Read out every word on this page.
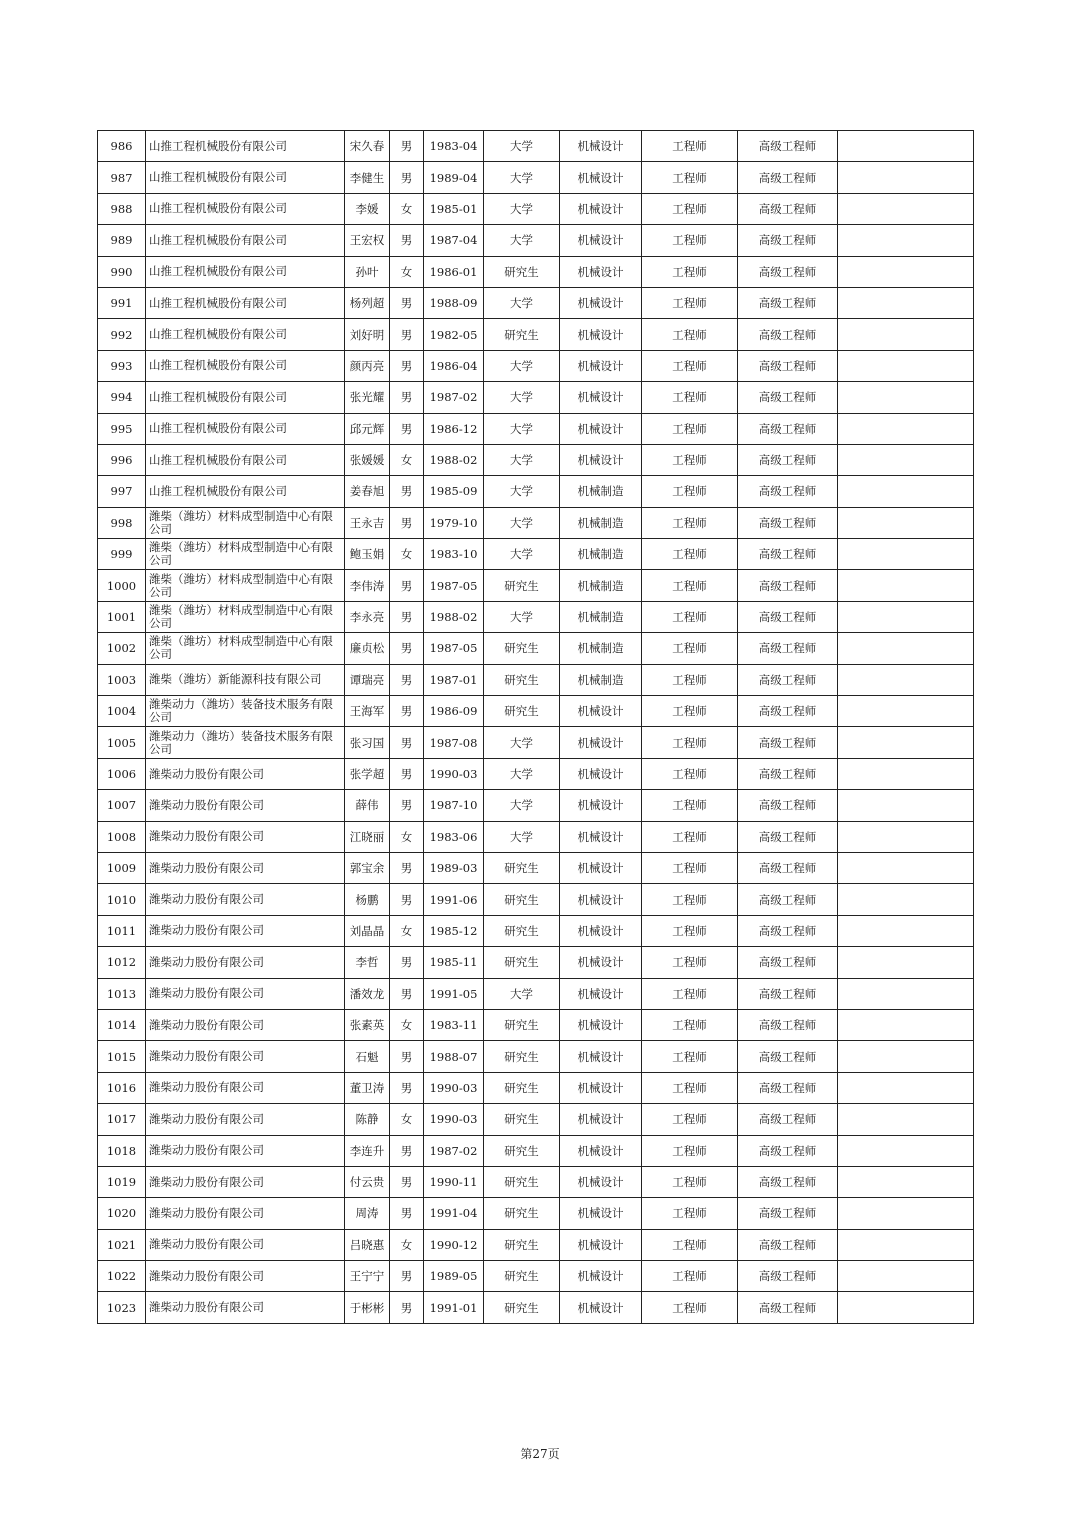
986	山推工程机械股份有限公司	宋久春	男	1983-04	大学	机械设计	工程师	高级工程师	
987	山推工程机械股份有限公司	李健生	男	1989-04	大学	机械设计	工程师	高级工程师	
988	山推工程机械股份有限公司	李媛	女	1985-01	大学	机械设计	工程师	高级工程师	
989	山推工程机械股份有限公司	王宏权	男	1987-04	大学	机械设计	工程师	高级工程师	
990	山推工程机械股份有限公司	孙叶	女	1986-01	研究生	机械设计	工程师	高级工程师	
991	山推工程机械股份有限公司	杨列超	男	1988-09	大学	机械设计	工程师	高级工程师	
992	山推工程机械股份有限公司	刘好明	男	1982-05	研究生	机械设计	工程师	高级工程师	
993	山推工程机械股份有限公司	颜丙亮	男	1986-04	大学	机械设计	工程师	高级工程师	
994	山推工程机械股份有限公司	张光耀	男	1987-02	大学	机械设计	工程师	高级工程师	
995	山推工程机械股份有限公司	邱元辉	男	1986-12	大学	机械设计	工程师	高级工程师	
996	山推工程机械股份有限公司	张媛媛	女	1988-02	大学	机械设计	工程师	高级工程师	
997	山推工程机械股份有限公司	姜春旭	男	1985-09	大学	机械制造	工程师	高级工程师	
998	潍柴（潍坊）材料成型制造中心有限公司	王永吉	男	1979-10	大学	机械制造	工程师	高级工程师	
999	潍柴（潍坊）材料成型制造中心有限公司	鲍玉娟	女	1983-10	大学	机械制造	工程师	高级工程师	
1000	潍柴（潍坊）材料成型制造中心有限公司	李伟涛	男	1987-05	研究生	机械制造	工程师	高级工程师	
1001	潍柴（潍坊）材料成型制造中心有限公司	李永亮	男	1988-02	大学	机械制造	工程师	高级工程师	
1002	潍柴（潍坊）材料成型制造中心有限公司	廉贞松	男	1987-05	研究生	机械制造	工程师	高级工程师	
1003	潍柴（潍坊）新能源科技有限公司	谭瑞亮	男	1987-01	研究生	机械制造	工程师	高级工程师	
1004	潍柴动力（潍坊）装备技术服务有限公司	王海军	男	1986-09	研究生	机械设计	工程师	高级工程师	
1005	潍柴动力（潍坊）装备技术服务有限公司	张习国	男	1987-08	大学	机械设计	工程师	高级工程师	
1006	潍柴动力股份有限公司	张学超	男	1990-03	大学	机械设计	工程师	高级工程师	
1007	潍柴动力股份有限公司	薛伟	男	1987-10	大学	机械设计	工程师	高级工程师	
1008	潍柴动力股份有限公司	江晓丽	女	1983-06	大学	机械设计	工程师	高级工程师	
1009	潍柴动力股份有限公司	郭宝余	男	1989-03	研究生	机械设计	工程师	高级工程师	
1010	潍柴动力股份有限公司	杨鹏	男	1991-06	研究生	机械设计	工程师	高级工程师	
1011	潍柴动力股份有限公司	刘晶晶	女	1985-12	研究生	机械设计	工程师	高级工程师	
1012	潍柴动力股份有限公司	李哲	男	1985-11	研究生	机械设计	工程师	高级工程师	
1013	潍柴动力股份有限公司	潘效龙	男	1991-05	大学	机械设计	工程师	高级工程师	
1014	潍柴动力股份有限公司	张素英	女	1983-11	研究生	机械设计	工程师	高级工程师	
1015	潍柴动力股份有限公司	石魁	男	1988-07	研究生	机械设计	工程师	高级工程师	
1016	潍柴动力股份有限公司	董卫涛	男	1990-03	研究生	机械设计	工程师	高级工程师	
1017	潍柴动力股份有限公司	陈静	女	1990-03	研究生	机械设计	工程师	高级工程师	
1018	潍柴动力股份有限公司	李连升	男	1987-02	研究生	机械设计	工程师	高级工程师	
1019	潍柴动力股份有限公司	付云贵	男	1990-11	研究生	机械设计	工程师	高级工程师	
1020	潍柴动力股份有限公司	周涛	男	1991-04	研究生	机械设计	工程师	高级工程师	
1021	潍柴动力股份有限公司	吕晓惠	女	1990-12	研究生	机械设计	工程师	高级工程师	
1022	潍柴动力股份有限公司	王宁宁	男	1989-05	研究生	机械设计	工程师	高级工程师	
1023	潍柴动力股份有限公司	于彬彬	男	1991-01	研究生	机械设计	工程师	高级工程师	
第27页
